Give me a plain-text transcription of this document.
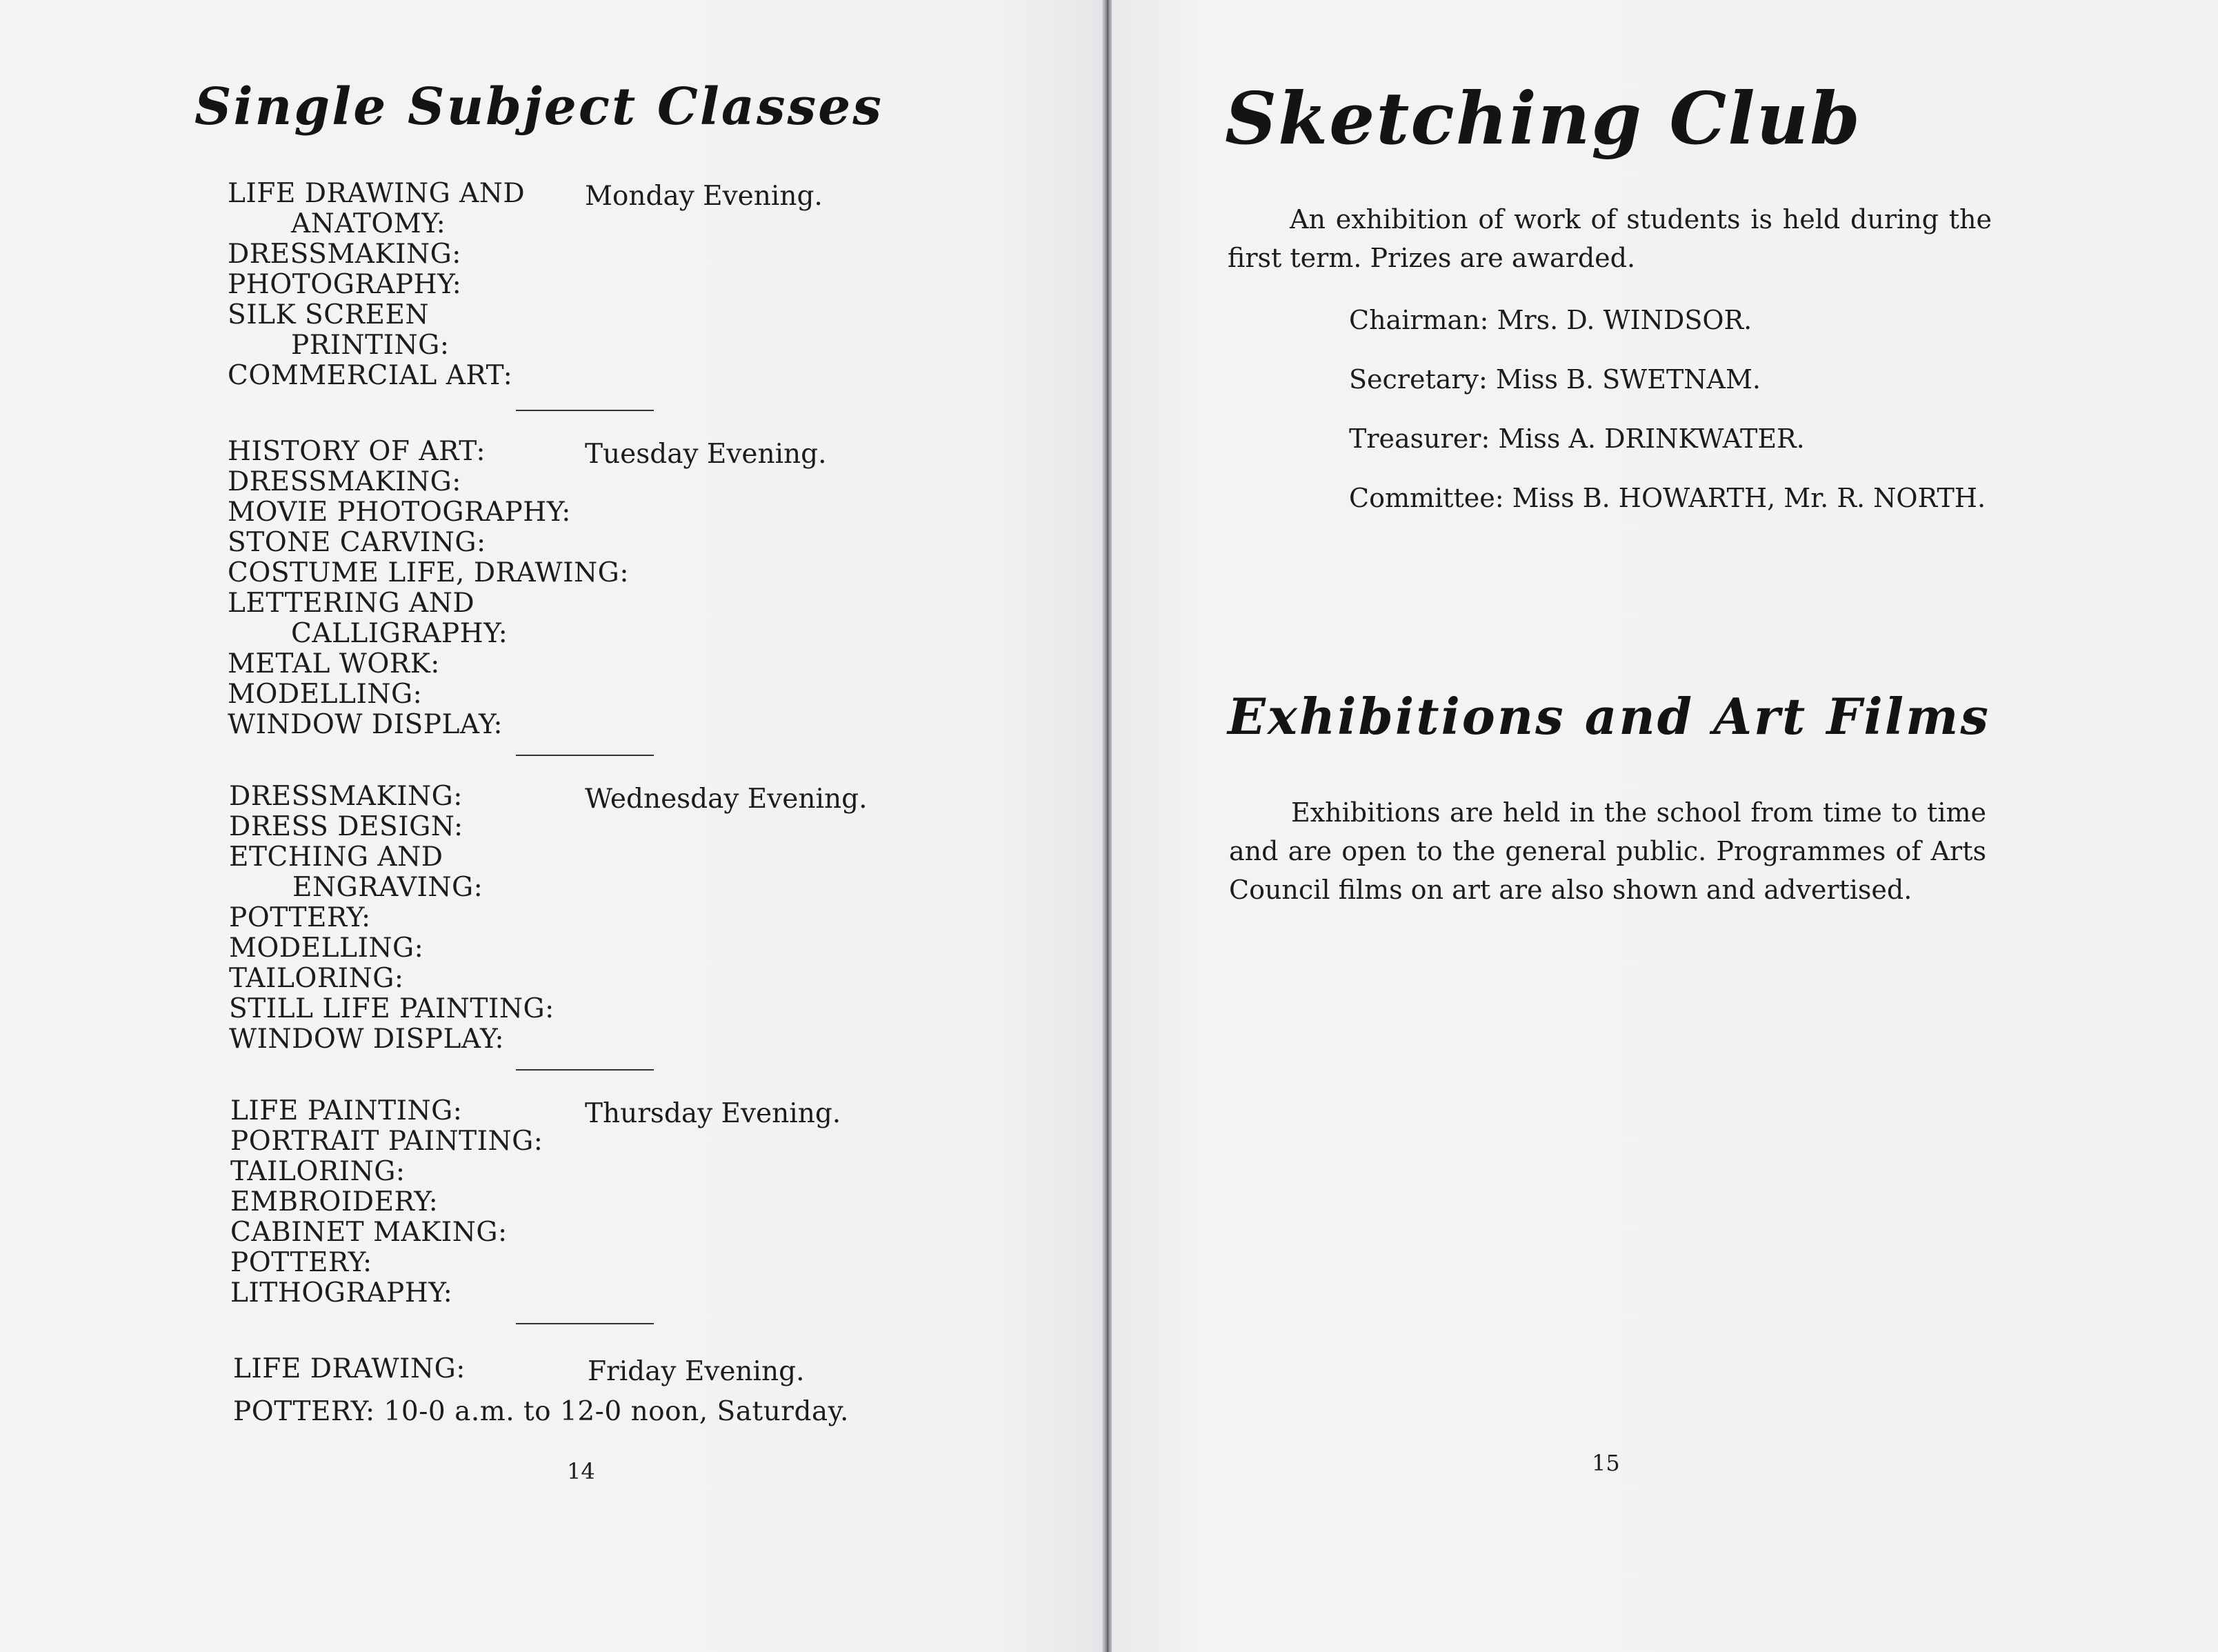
Single Subject Classes
LIFE DRAWING AND
ANATOMY:
DRESSMAKING:
PHOTOGRAPHY:
SILK SCREEN
PRINTING:
COMMERCIAL ART:
Monday Evening.
HISTORY OF ART:
DRESSMAKING:
MOVIE PHOTOGRAPHY:
STONE CARVING:
COSTUME LIFE, DRAWING:
LETTERING AND
CALLIGRAPHY:
METAL WORK:
MODELLING:
WINDOW DISPLAY:
Tuesday Evening.
DRESSMAKING:
DRESS DESIGN:
ETCHING AND
ENGRAVING:
POTTERY:
MODELLING:
TAILORING:
STILL LIFE PAINTING:
WINDOW DISPLAY:
Wednesday Evening.
LIFE PAINTING:
PORTRAIT PAINTING:
TAILORING:
EMBROIDERY:
CABINET MAKING:
POTTERY:
LITHOGRAPHY:
Thursday Evening.
LIFE DRAWING:	Friday Evening.
POTTERY: 10-0 a.m. to 12-0 noon, Saturday.
14
Sketching Club

An exhibition of work of students is held during the first term. Prizes are awarded.

Chairman: Mrs. D. WINDSOR.
Secretary: Miss B. SWETNAM.
Treasurer: Miss A. DRINKWATER.
Committee: Miss B. HOWARTH, Mr. R. NORTH.
Exhibitions and Art Films

Exhibitions are held in the school from time to time and are open to the general public. Programmes of Arts Council films on art are also shown and advertised.

15
